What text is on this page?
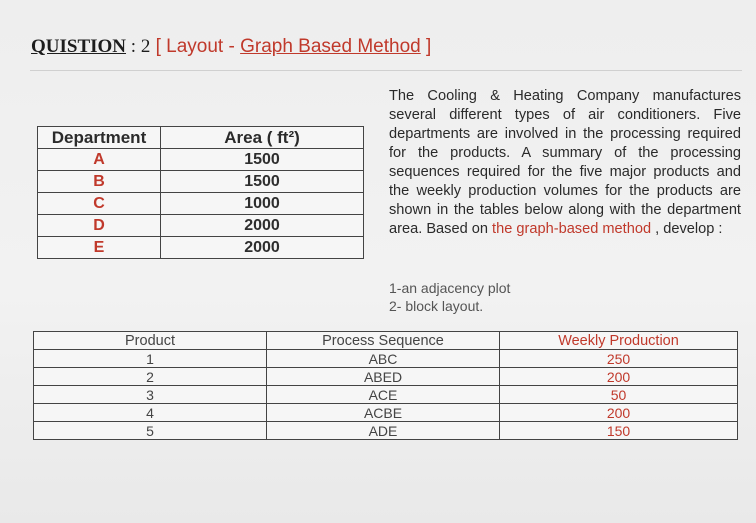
QUISTION : 2 [ Layout - Graph Based Method ]
Department	Area ( ft²)
A	1500
B	1500
C	1000
D	2000
E	2000
The Cooling & Heating Company manufactures several different types of air conditioners. Five departments are involved in the processing required for the products. A summary of the processing sequences required for the five major products and the weekly production volumes for the products are shown in the tables below along with the department area. Based on the graph-based method , develop :
1-an adjacency plot
2- block layout.
Product	Process Sequence	Weekly Production
1	ABC	250
2	ABED	200
3	ACE	50
4	ACBE	200
5	ADE	150
